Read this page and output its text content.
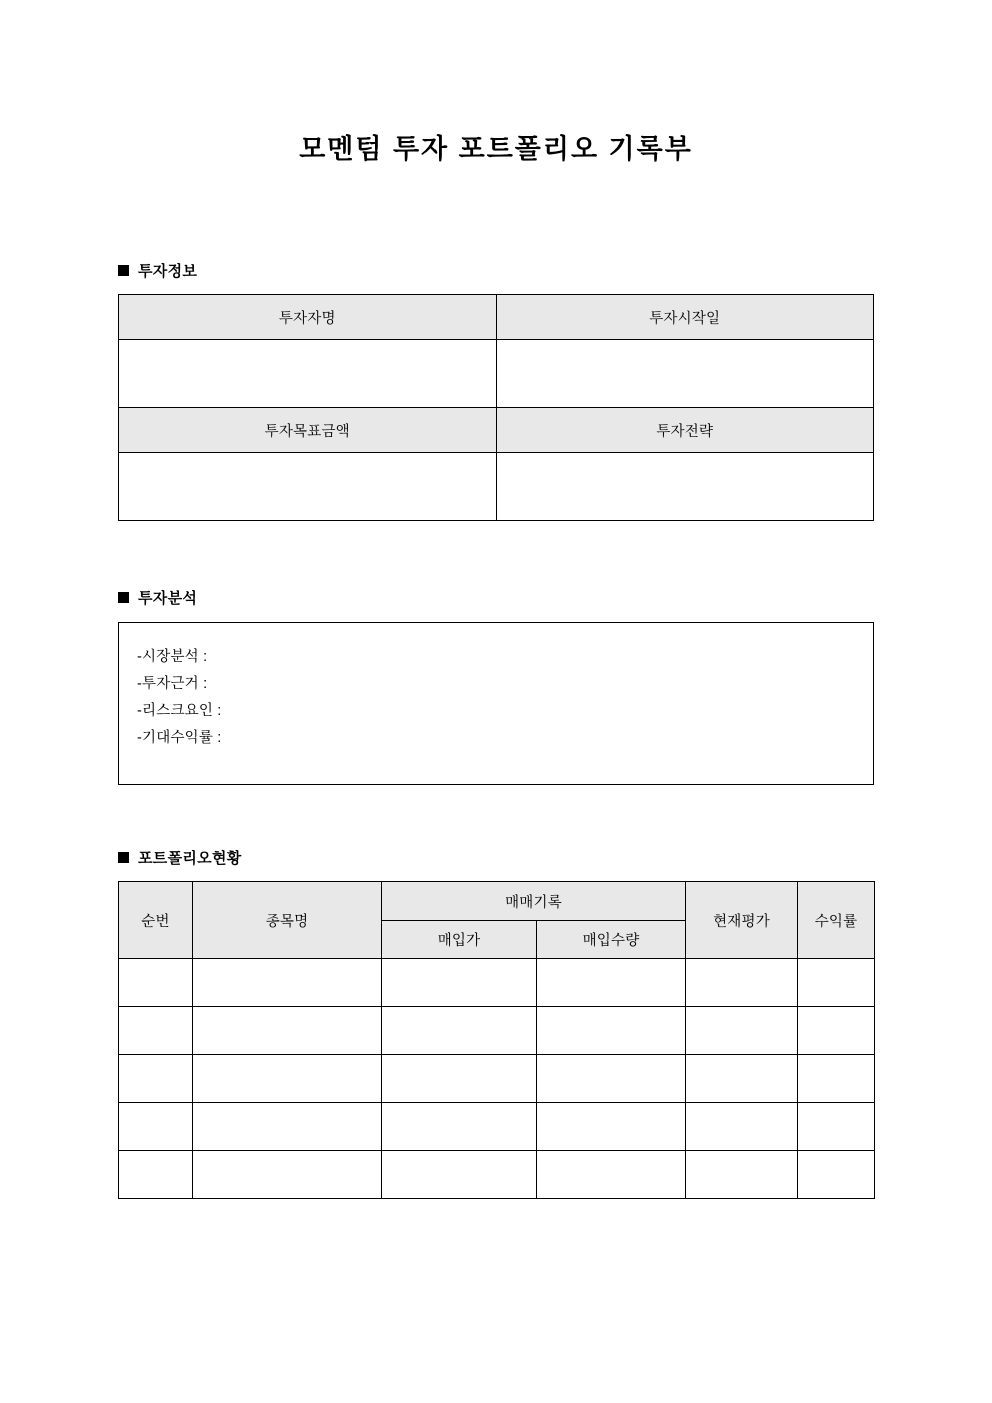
모멘텀 투자 포트폴리오 기록부
투자정보
투자자명	투자시작일

투자목표금액	투자전략

투자분석
-시장분석 :
-투자근거 :
-리스크요인 :
-기대수익률 :
포트폴리오현황
순번	종목명	매매기록		현재평가	수익률
		매입가	매입수량		
